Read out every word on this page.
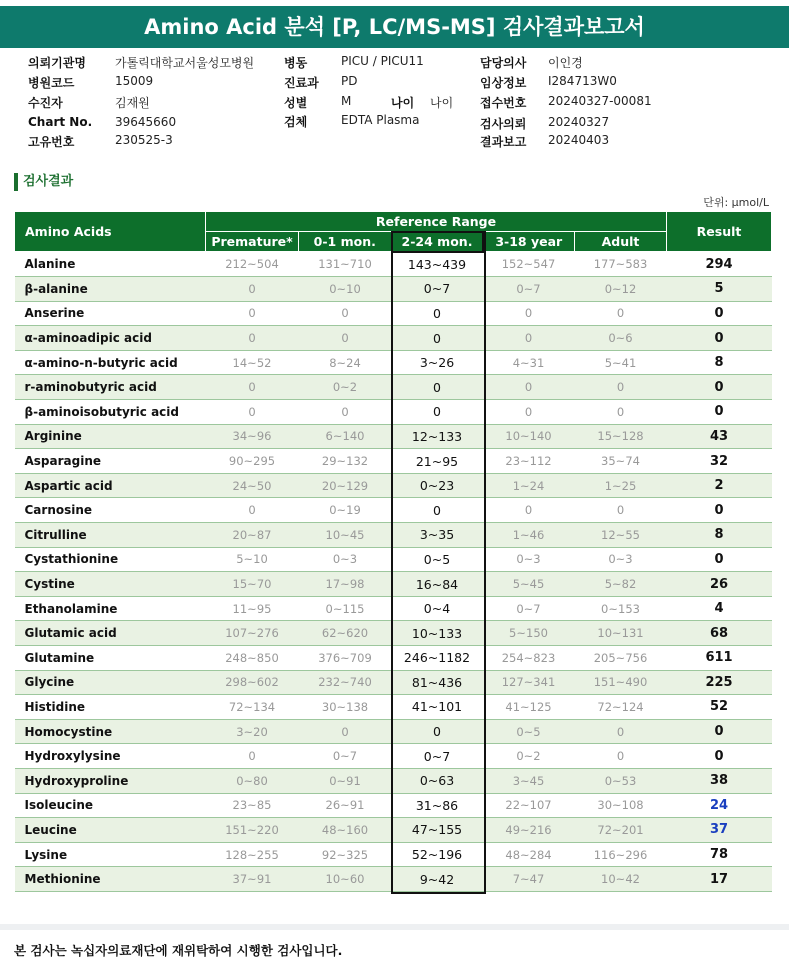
Amino Acid 분석 [P, LC/MS-MS] 검사결과보고서
의뢰기관명 가톨릭대학교서울성모병원 병동	PICU / PICU11	담당의사 이인경
병원코드	15009	진료과 PD	임상정보 I284713W0
수진자	김재원	성별	M	나이 나이 접수번호 20240327-00081
Chart No. 39645660	검체	EDTA Plasma	검사의뢰 20240327
고유번호	230525-3	결과보고 20240403
검사결과
단위: µmol/L
Amino Acids	Reference Range					Result
	Premature*	0-1 mon.	2-24 mon.	3-18 year	Adult	
Alanine	212~504	131~710	143~439	152~547	177~583	294
β-alanine	0	0~10	0~7	0~7	0~12	5
Anserine	0	0	0	0	0	0
α-aminoadipic acid	0	0	0	0	0~6	0
α-amino-n-butyric acid	14~52	8~24	3~26	4~31	5~41	8
r-aminobutyric acid	0	0~2	0	0	0	0
β-aminoisobutyric acid	0	0	0	0	0	0
Arginine	34~96	6~140	12~133	10~140	15~128	43
Asparagine	90~295	29~132	21~95	23~112	35~74	32
Aspartic acid	24~50	20~129	0~23	1~24	1~25	2
Carnosine	0	0~19	0	0	0	0
Citrulline	20~87	10~45	3~35	1~46	12~55	8
Cystathionine	5~10	0~3	0~5	0~3	0~3	0
Cystine	15~70	17~98	16~84	5~45	5~82	26
Ethanolamine	11~95	0~115	0~4	0~7	0~153	4
Glutamic acid	107~276	62~620	10~133	5~150	10~131	68
Glutamine	248~850	376~709	246~1182	254~823	205~756	611
Glycine	298~602	232~740	81~436	127~341	151~490	225
Histidine	72~134	30~138	41~101	41~125	72~124	52
Homocystine	3~20	0	0	0~5	0	0
Hydroxylysine	0	0~7	0~7	0~2	0	0
Hydroxyproline	0~80	0~91	0~63	3~45	0~53	38
Isoleucine	23~85	26~91	31~86	22~107	30~108	24
Leucine	151~220	48~160	47~155	49~216	72~201	37
Lysine	128~255	92~325	52~196	48~284	116~296	78
Methionine	37~91	10~60	9~42	7~47	10~42	17
본 검사는 녹십자의료재단에 재위탁하여 시행한 검사입니다.
